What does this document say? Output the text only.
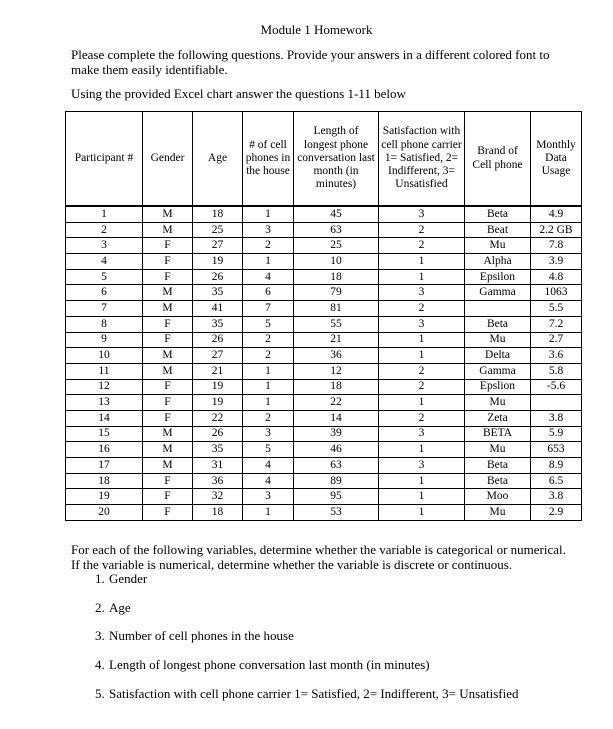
Module 1 Homework
Please complete the following questions. Provide your answers in a different colored font to make them easily identifiable.
Using the provided Excel chart answer the questions 1-11 below
Participant #	Gender	Age	# of cell phones in the house	Length of longest phone conversation last month (in minutes)	Satisfaction with cell phone carrier 1= Satisfied, 2= Indifferent, 3= Unsatisfied	Brand of Cell phone	Monthly Data Usage
1	M	18	1	45	3	Beta	4.9
2	M	25	3	63	2	Beat	2.2 GB
3	F	27	2	25	2	Mu	7.8
4	F	19	1	10	1	Alpha	3.9
5	F	26	4	18	1	Epsilon	4.8
6	M	35	6	79	3	Gamma	1063
7	M	41	7	81	2		5.5
8	F	35	5	55	3	Beta	7.2
9	F	26	2	21	1	Mu	2.7
10	M	27	2	36	1	Delta	3.6
11	M	21	1	12	2	Gamma	5.8
12	F	19	1	18	2	Epslion	-5.6
13	F	19	1	22	1	Mu	
14	F	22	2	14	2	Zeta	3.8
15	M	26	3	39	3	BETA	5.9
16	M	35	5	46	1	Mu	653
17	M	31	4	63	3	Beta	8.9
18	F	36	4	89	1	Beta	6.5
19	F	32	3	95	1	Moo	3.8
20	F	18	1	53	1	Mu	2.9
For each of the following variables, determine whether the variable is categorical or numerical. If the variable is numerical, determine whether the variable is discrete or continuous.
1. Gender
2. Age
3. Number of cell phones in the house
4. Length of longest phone conversation last month (in minutes)
5. Satisfaction with cell phone carrier 1= Satisfied, 2= Indifferent, 3= Unsatisfied
